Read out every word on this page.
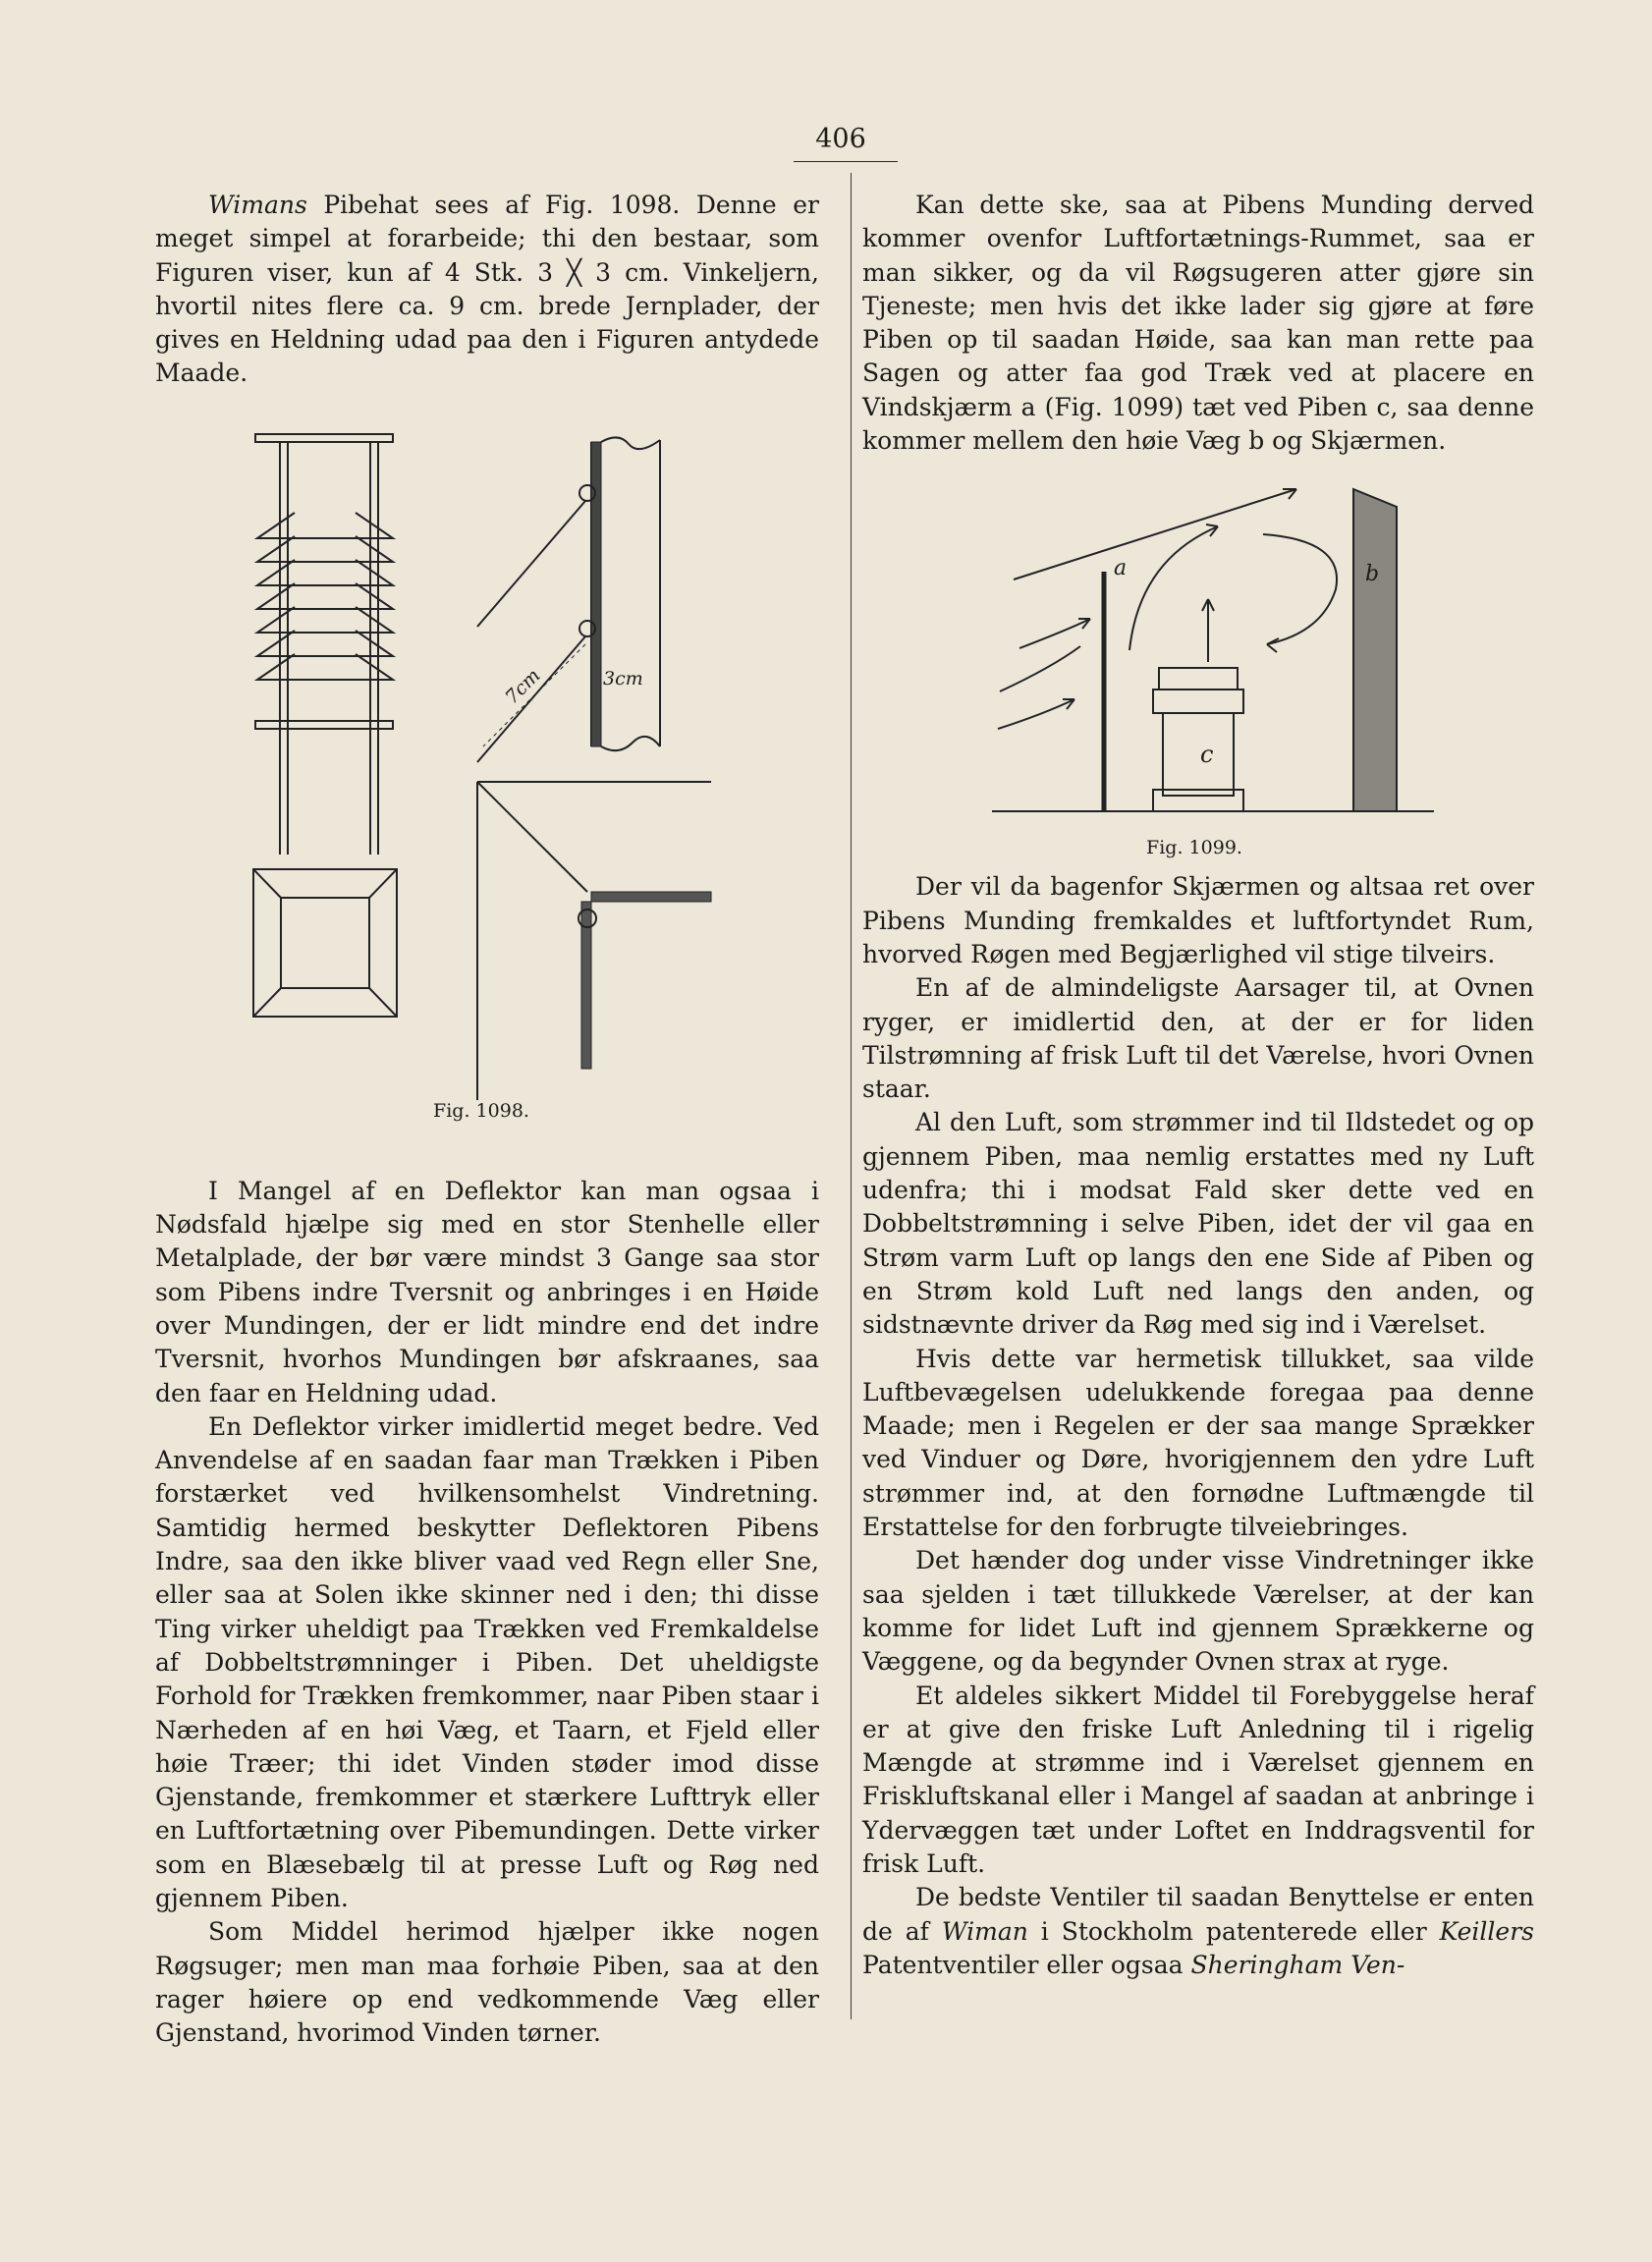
406

Wimans Pibehat sees af Fig. 1098. Denne er meget simpel at forarbeide; thi den bestaar, som Figuren viser, kun af 4 Stk. 3 ╳ 3 cm. Vinkeljern, hvortil nites flere ca. 9 cm. brede Jernplader, der gives en Heldning udad paa den i Figuren antydede Maade.

I Mangel af en Deflektor kan man ogsaa i Nødsfald hjælpe sig med en stor Stenhelle eller Metalplade, der bør være mindst 3 Gange saa stor som Pibens indre Tversnit og anbringes i en Høide over Mundingen, der er lidt mindre end det indre Tversnit, hvorhos Mundingen bør afskraanes, saa den faar en Heldning udad.

En Deflektor virker imidlertid meget bedre. Ved Anvendelse af en saadan faar man Trækken i Piben forstærket ved hvilkensomhelst Vindretning. Samtidig hermed beskytter Deflektoren Pibens Indre, saa den ikke bliver vaad ved Regn eller Sne, eller saa at Solen ikke skinner ned i den; thi disse Ting virker uheldigt paa Trækken ved Fremkaldelse af Dobbeltstrømninger i Piben. Det uheldigste Forhold for Trækken fremkommer, naar Piben staar i Nærheden af en høi Væg, et Taarn, et Fjeld eller høie Træer; thi idet Vinden støder imod disse Gjenstande, fremkommer et stærkere Lufttryk eller en Luftfortætning over Pibemundingen. Dette virker som en Blæsebælg til at presse Luft og Røg ned gjennem Piben.

Som Middel herimod hjælper ikke nogen Røgsuger; men man maa forhøie Piben, saa at den rager høiere op end vedkommende Væg eller Gjenstand, hvorimod Vinden tørner.

Kan dette ske, saa at Pibens Munding derved kommer ovenfor Luftfortætnings-Rummet, saa er man sikker, og da vil Røgsugeren atter gjøre sin Tjeneste; men hvis det ikke lader sig gjøre at føre Piben op til saadan Høide, saa kan man rette paa Sagen og atter faa god Træk ved at placere en Vindskjærm a (Fig. 1099) tæt ved Piben c, saa denne kommer mellem den høie Væg b og Skjærmen.

Der vil da bagenfor Skjærmen og altsaa ret over Pibens Munding fremkaldes et luftfortyndet Rum, hvorved Røgen med Begjærlighed vil stige tilveirs.

En af de almindeligste Aarsager til, at Ovnen ryger, er imidlertid den, at der er for liden Tilstrømning af frisk Luft til det Værelse, hvori Ovnen staar.

Al den Luft, som strømmer ind til Ildstedet og op gjennem Piben, maa nemlig erstattes med ny Luft udenfra; thi i modsat Fald sker dette ved en Dobbeltstrømning i selve Piben, idet der vil gaa en Strøm varm Luft op langs den ene Side af Piben og en Strøm kold Luft ned langs den anden, og sidstnævnte driver da Røg med sig ind i Værelset.

Hvis dette var hermetisk tillukket, saa vilde Luftbevægelsen udelukkende foregaa paa denne Maade; men i Regelen er der saa mange Sprækker ved Vinduer og Døre, hvorigjennem den ydre Luft strømmer ind, at den fornødne Luftmængde til Erstattelse for den forbrugte tilveiebringes.

Det hænder dog under visse Vindretninger ikke saa sjelden i tæt tillukkede Værelser, at der kan komme for lidet Luft ind gjennem Sprækkerne og Væggene, og da begynder Ovnen strax at ryge.

Et aldeles sikkert Middel til Forebyggelse heraf er at give den friske Luft Anledning til i rigelig Mængde at strømme ind i Værelset gjennem en Friskluftskanal eller i Mangel af saadan at anbringe i Ydervæggen tæt under Loftet en Inddragsventil for frisk Luft.

De bedste Ventiler til saadan Benyttelse er enten de af Wiman i Stockholm patenterede eller Keillers Patentventiler eller ogsaa Sheringham Ven-

7cm	3cm
Fig. 1098.
a	b
c
Fig. 1099.
